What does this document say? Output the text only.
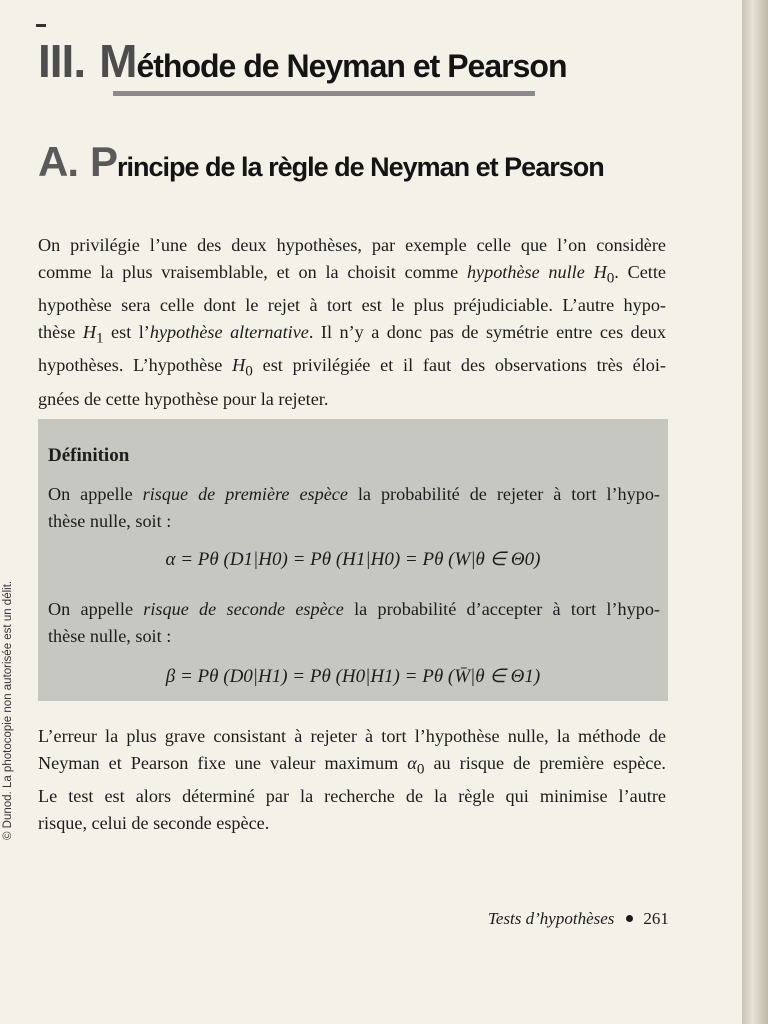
III. M éthode de Neyman et Pearson
A. P rincipe de la règle de Neyman et Pearson
On privilégie l’une des deux hypothèses, par exemple celle que l’on considère
comme la plus vraisemblable, et on la choisit comme hypothèse nulle $H_0$. Cette
hypothèse sera celle dont le rejet à tort est le plus préjudiciable. L’autre hypo-
thèse $H_1$ est l’hypothèse alternative. Il n’y a donc pas de symétrie entre ces deux
hypothèses. L’hypothèse $H_0$ est privilégiée et il faut des observations très éloi-
gnées de cette hypothèse pour la rejeter.
Définition
On appelle risque de première espèce la probabilité de rejeter à tort l’hypo-
thèse nulle, soit :
α = Pθ (D1|H0) = Pθ (H1|H0) = Pθ (W|θ ∈ Θ0)
On appelle risque de seconde espèce la probabilité d’accepter à tort l’hypo-
thèse nulle, soit :
β = Pθ (D0|H1) = Pθ (H0|H1) = Pθ (W̄|θ ∈ Θ1)
L’erreur la plus grave consistant à rejeter à tort l’hypothèse nulle, la méthode de
Neyman et Pearson fixe une valeur maximum $\alpha_0$ au risque de première espèce.
Le test est alors déterminé par la recherche de la règle qui minimise l’autre
risque, celui de seconde espèce.
Tests d’hypothèses 261
© Dunod. La photocopie non autorisée est un délit.
